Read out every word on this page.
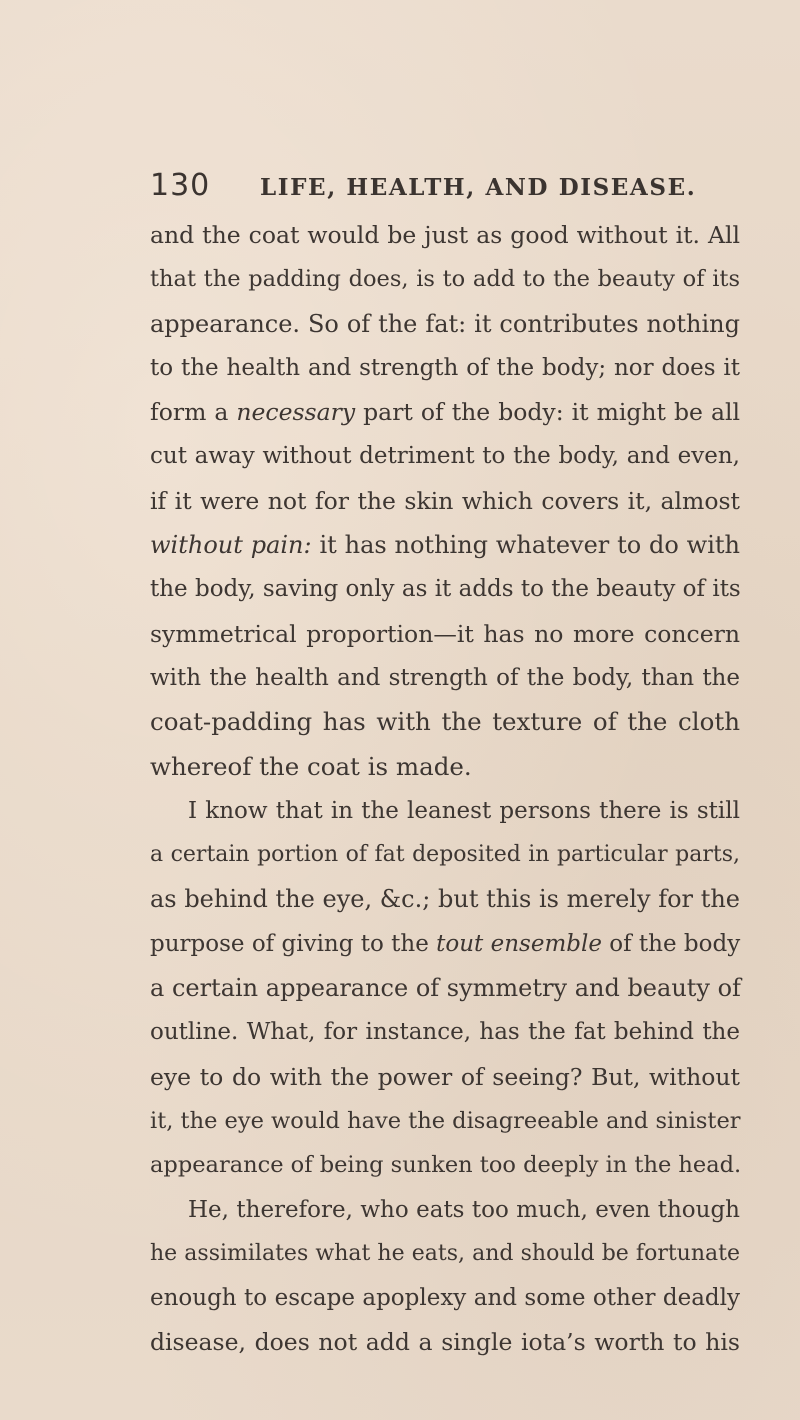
130 LIFE, HEALTH, AND DISEASE.
and the coat would be just as good without it. All
that the padding does, is to add to the beauty of its
appearance. So of the fat: it contributes nothing
to the health and strength of the body; nor does it
form a necessary part of the body: it might be all
cut away without detriment to the body, and even,
if it were not for the skin which covers it, almost
without pain: it has nothing whatever to do with
the body, saving only as it adds to the beauty of its
symmetrical proportion—it has no more concern
with the health and strength of the body, than the
coat-padding has with the texture of the cloth
whereof the coat is made.
I know that in the leanest persons there is still
a certain portion of fat deposited in particular parts,
as behind the eye, &c.; but this is merely for the
purpose of giving to the tout ensemble of the body
a certain appearance of symmetry and beauty of
outline. What, for instance, has the fat behind the
eye to do with the power of seeing? But, without
it, the eye would have the disagreeable and sinister
appearance of being sunken too deeply in the head.
He, therefore, who eats too much, even though
he assimilates what he eats, and should be fortunate
enough to escape apoplexy and some other deadly
disease, does not add a single iota’s worth to his
